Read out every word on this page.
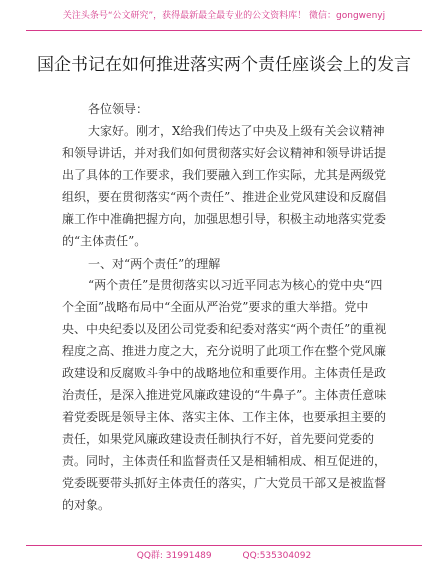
关注头条号“公文研究”，获得最新最全最专业的公文资料库！ 微信：gongwenyj
国企书记在如何推进落实两个责任座谈会上的发言
各位领导：
大家好。刚才，X给我们传达了中央及上级有关会议精神和领导讲话，并对我们如何贯彻落实好会议精神和领导讲话提出了具体的工作要求，我们要融入到工作实际，尤其是两级党组织，要在贯彻落实“两个责任”、推进企业党风建设和反腐倡廉工作中准确把握方向，加强思想引导，积极主动地落实党委的“主体责任”。
一、对“两个责任”的理解
“两个责任”是贯彻落实以习近平同志为核心的党中央“四个全面”战略布局中“全面从严治党”要求的重大举措。党中央、中央纪委以及团公司党委和纪委对落实“两个责任”的重视程度之高、推进力度之大，充分说明了此项工作在整个党风廉政建设和反腐败斗争中的战略地位和重要作用。主体责任是政治责任，是深入推进党风廉政建设的“牛鼻子”。主体责任意味着党委既是领导主体、落实主体、工作主体，也要承担主要的责任，如果党风廉政建设责任制执行不好，首先要问党委的责。同时，主体责任和监督责任又是相辅相成、相互促进的，党委既要带头抓好主体责任的落实，广大党员干部又是被监督的对象。
QQ群: 31991489	QQ:535304092
